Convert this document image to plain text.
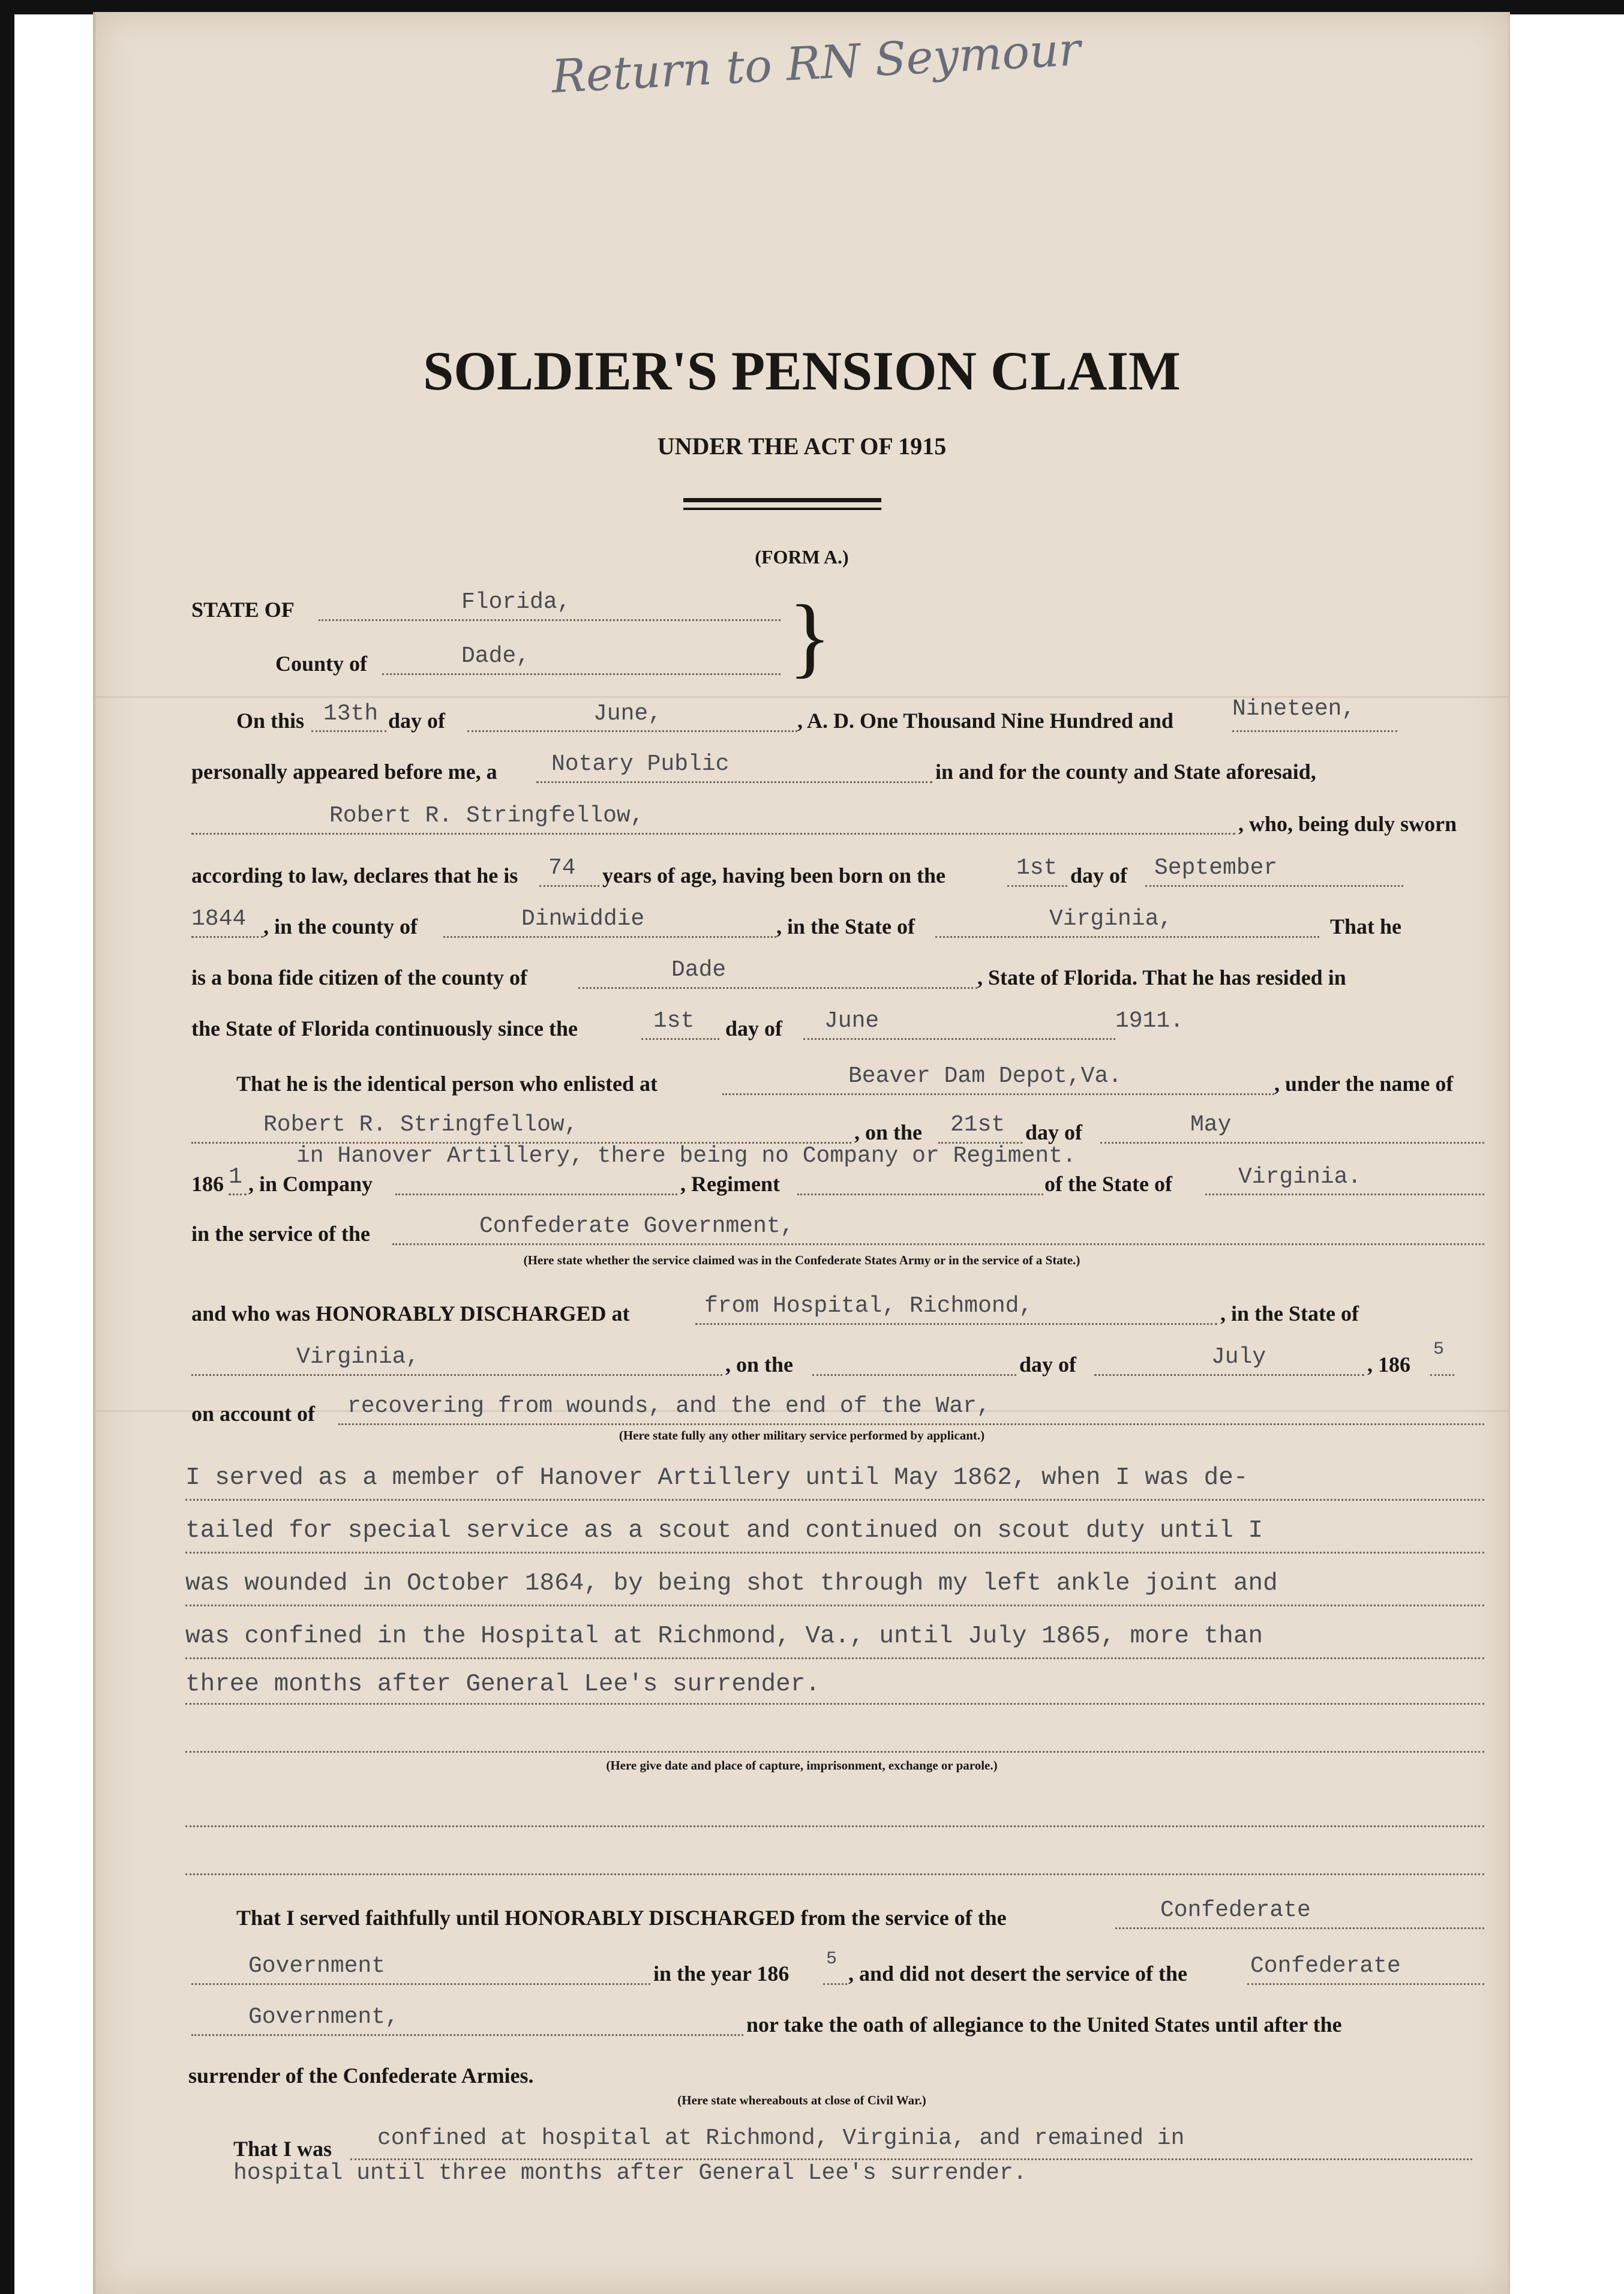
Return to RN Seymour
SOLDIER'S PENSION CLAIM
UNDER THE ACT OF 1915
(FORM A.)
STATE OF	Florida,
County of	Dade,	}
On this 13th day of	June,	, A. D. One Thousand Nine Hundred and	Nineteen,
personally appeared before me, a Notary Public	in and for the county and State aforesaid,
Robert R. Stringfellow,	, who, being duly sworn
according to law, declares that he is 74 years of age, having been born on the	1st day of September
1844 , in the county of	Dinwiddie	, in the State of	Virginia,	That he
is a bona fide citizen of the county of	Dade	, State of Florida. That he has resided in
the State of Florida continuously since the	1st day of June	1911.
That he is the identical person who enlisted at	Beaver Dam Depot,Va.	, under the name of
Robert R. Stringfellow,	, on the 21st day of	May
in Hanover Artillery, there being no Company or Regiment.
186 1 , in Company	, Regiment	of the State of	Virginia.
in the service of the	Confederate Government,
(Here state whether the service claimed was in the Confederate States Army or in the service of a State.)
and who was HONORABLY DISCHARGED at	from Hospital, Richmond,	, in the State of
Virginia,	, on the	day of	July	, 186
5
on account of recovering from wounds, and the end of the War,
(Here state fully any other military service performed by applicant.)
I served as a member of Hanover Artillery until May 1862, when I was de-
tailed for special service as a scout and continued on scout duty until I
was wounded in October 1864, by being shot through my left ankle joint and
was confined in the Hospital at Richmond, Va., until July 1865, more than
three months after General Lee's surrender.
(Here give date and place of capture, imprisonment, exchange or parole.)
That I served faithfully until HONORABLY DISCHARGED from the service of the	Confederate
Government	in the year 186
5
, and did not desert the service of the	Confederate
Government,	nor take the oath of allegiance to the United States until after the
surrender of the Confederate Armies.
(Here state whereabouts at close of Civil War.)
That I was confined at hospital at Richmond, Virginia, and remained in
hospital until three months after General Lee's surrender.
